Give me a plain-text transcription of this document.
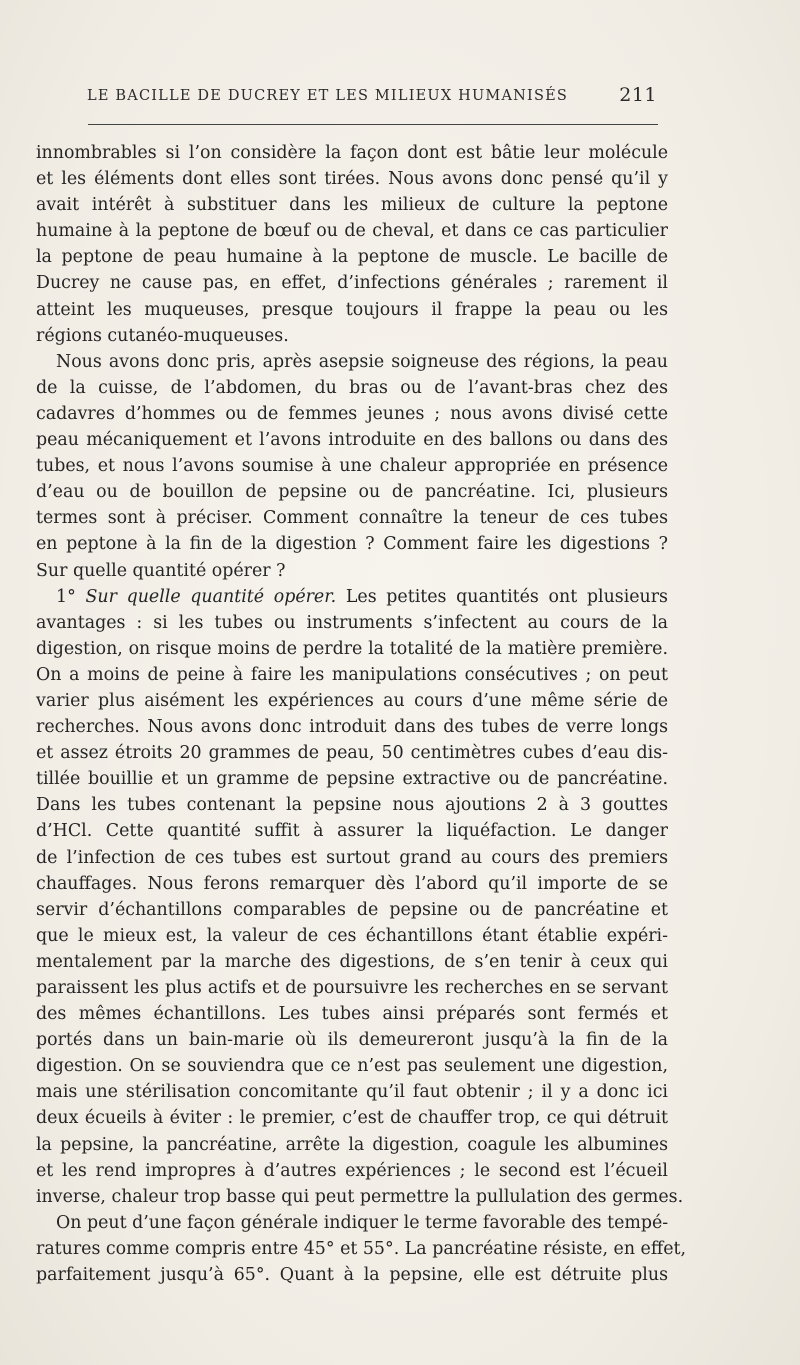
LE BACILLE DE DUCREY ET LES MILIEUX HUMANISÉS	211
innombrables si l’on considère la façon dont est bâtie leur molécule
et les éléments dont elles sont tirées. Nous avons donc pensé qu’il y
avait intérêt à substituer dans les milieux de culture la peptone
humaine à la peptone de bœuf ou de cheval, et dans ce cas particulier
la peptone de peau humaine à la peptone de muscle. Le bacille de
Ducrey ne cause pas, en effet, d’infections générales ; rarement il
atteint les muqueuses, presque toujours il frappe la peau ou les
régions cutanéo-muqueuses.
Nous avons donc pris, après asepsie soigneuse des régions, la peau
de la cuisse, de l’abdomen, du bras ou de l’avant-bras chez des
cadavres d’hommes ou de femmes jeunes ; nous avons divisé cette
peau mécaniquement et l’avons introduite en des ballons ou dans des
tubes, et nous l’avons soumise à une chaleur appropriée en présence
d’eau ou de bouillon de pepsine ou de pancréatine. Ici, plusieurs
termes sont à préciser. Comment connaître la teneur de ces tubes
en peptone à la fin de la digestion ? Comment faire les digestions ?
Sur quelle quantité opérer ?
1° Sur quelle quantité opérer. Les petites quantités ont plusieurs
avantages : si les tubes ou instruments s’infectent au cours de la
digestion, on risque moins de perdre la totalité de la matière première.
On a moins de peine à faire les manipulations consécutives ; on peut
varier plus aisément les expériences au cours d’une même série de
recherches. Nous avons donc introduit dans des tubes de verre longs
et assez étroits 20 grammes de peau, 50 centimètres cubes d’eau dis-
tillée bouillie et un gramme de pepsine extractive ou de pancréatine.
Dans les tubes contenant la pepsine nous ajoutions 2 à 3 gouttes
d’HCl. Cette quantité suffit à assurer la liquéfaction. Le danger
de l’infection de ces tubes est surtout grand au cours des premiers
chauffages. Nous ferons remarquer dès l’abord qu’il importe de se
servir d’échantillons comparables de pepsine ou de pancréatine et
que le mieux est, la valeur de ces échantillons étant établie expéri-
mentalement par la marche des digestions, de s’en tenir à ceux qui
paraissent les plus actifs et de poursuivre les recherches en se servant
des mêmes échantillons. Les tubes ainsi préparés sont fermés et
portés dans un bain-marie où ils demeureront jusqu’à la fin de la
digestion. On se souviendra que ce n’est pas seulement une digestion,
mais une stérilisation concomitante qu’il faut obtenir ; il y a donc ici
deux écueils à éviter : le premier, c’est de chauffer trop, ce qui détruit
la pepsine, la pancréatine, arrête la digestion, coagule les albumines
et les rend impropres à d’autres expériences ; le second est l’écueil
inverse, chaleur trop basse qui peut permettre la pullulation des germes.
On peut d’une façon générale indiquer le terme favorable des tempé-
ratures comme compris entre 45° et 55°. La pancréatine résiste, en effet,
parfaitement jusqu’à 65°. Quant à la pepsine, elle est détruite plus
